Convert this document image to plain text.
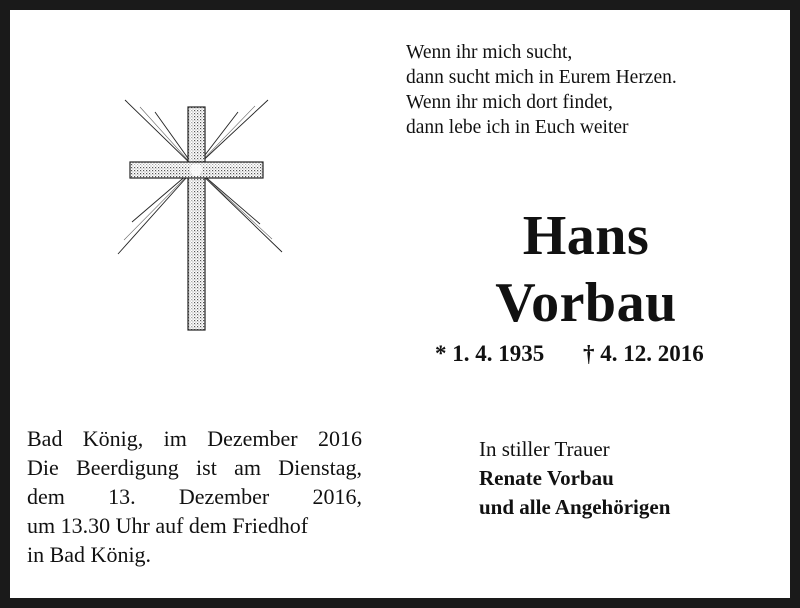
Wenn ihr mich sucht,
dann sucht mich in Eurem Herzen.
Wenn ihr mich dort findet,
dann lebe ich in Euch weiter
Hans
Vorbau
* 1. 4. 1935 † 4. 12. 2016
Bad König, im Dezember 2016
Die Beerdigung ist am Dienstag,
dem 13. Dezember 2016,
um 13.30 Uhr auf dem Friedhof
in Bad König.
In stiller Trauer
Renate Vorbau
und alle Angehörigen
